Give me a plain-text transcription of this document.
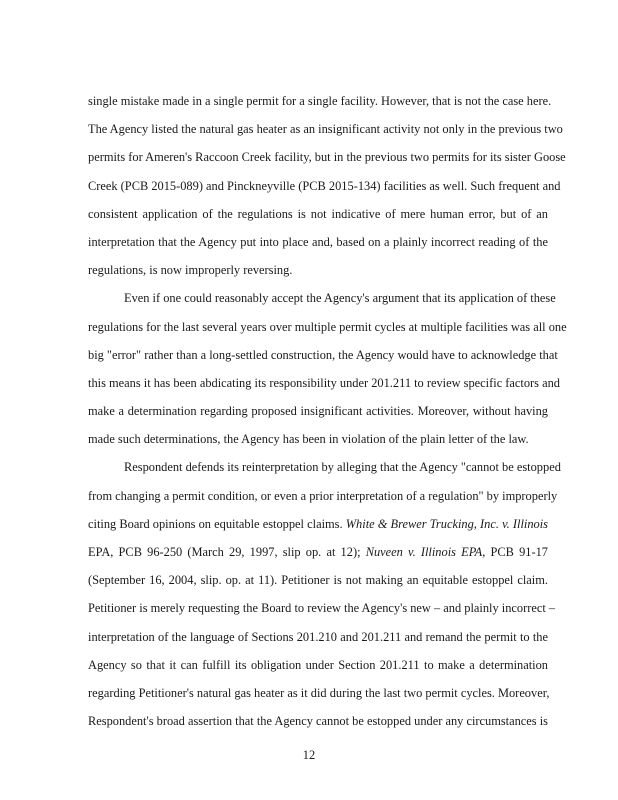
single mistake made in a single permit for a single facility. However, that is not the case here.
The Agency listed the natural gas heater as an insignificant activity not only in the previous two
permits for Ameren's Raccoon Creek facility, but in the previous two permits for its sister Goose
Creek (PCB 2015-089) and Pinckneyville (PCB 2015-134) facilities as well. Such frequent and
consistent application of the regulations is not indicative of mere human error, but of an
interpretation that the Agency put into place and, based on a plainly incorrect reading of the
regulations, is now improperly reversing.
Even if one could reasonably accept the Agency's argument that its application of these
regulations for the last several years over multiple permit cycles at multiple facilities was all one
big "error" rather than a long-settled construction, the Agency would have to acknowledge that
this means it has been abdicating its responsibility under 201.211 to review specific factors and
make a determination regarding proposed insignificant activities. Moreover, without having
made such determinations, the Agency has been in violation of the plain letter of the law.
Respondent defends its reinterpretation by alleging that the Agency "cannot be estopped
from changing a permit condition, or even a prior interpretation of a regulation" by improperly
citing Board opinions on equitable estoppel claims. White & Brewer Trucking, Inc. v. Illinois
EPA, PCB 96-250 (March 29, 1997, slip op. at 12); Nuveen v. Illinois EPA, PCB 91-17
(September 16, 2004, slip. op. at 11). Petitioner is not making an equitable estoppel claim.
Petitioner is merely requesting the Board to review the Agency's new – and plainly incorrect –
interpretation of the language of Sections 201.210 and 201.211 and remand the permit to the
Agency so that it can fulfill its obligation under Section 201.211 to make a determination
regarding Petitioner's natural gas heater as it did during the last two permit cycles. Moreover,
Respondent's broad assertion that the Agency cannot be estopped under any circumstances is
12
